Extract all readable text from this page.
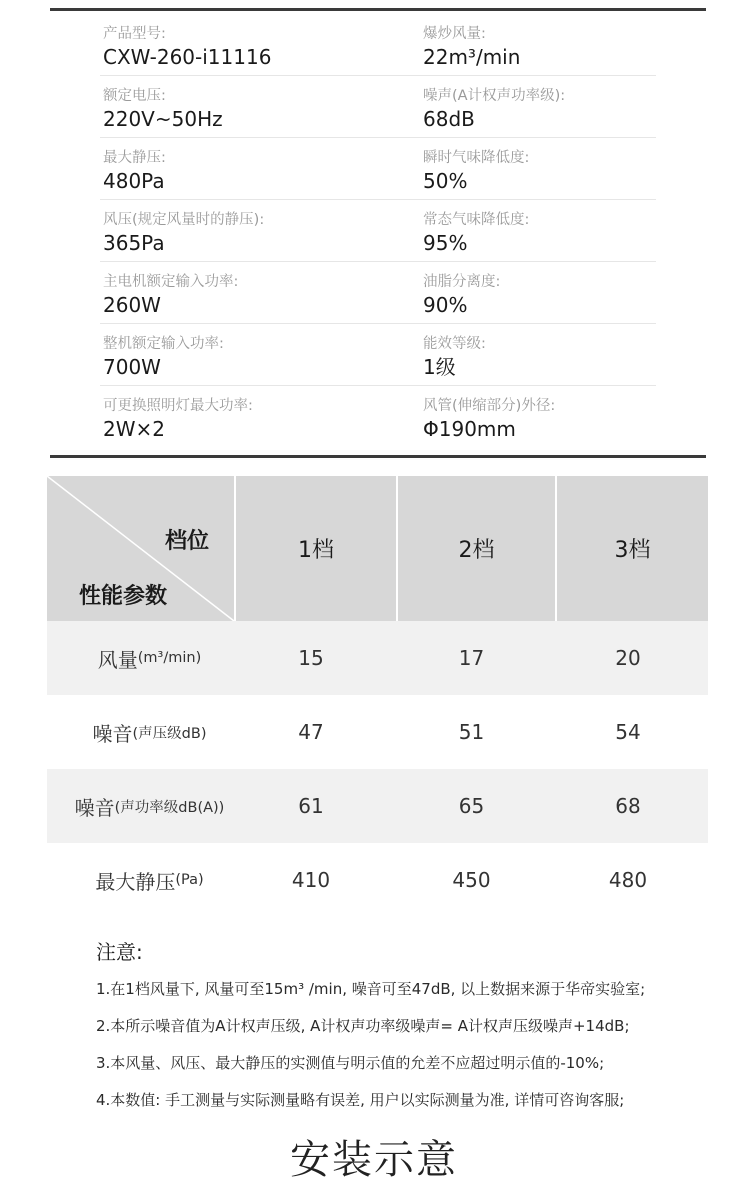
产品型号:
CXW-260-i11116
爆炒风量:
22m³/min
额定电压:
220V~50Hz
噪声(A计权声功率级):
68dB
最大静压:
480Pa
瞬时气味降低度:
50%
风压(规定风量时的静压):
365Pa
常态气味降低度:
95%
主电机额定输入功率:
260W
油脂分离度:
90%
整机额定输入功率:
700W
能效等级:
1级
可更换照明灯最大功率:
2W×2
风管(伸缩部分)外径:
Φ190mm
档位
性能参数
1档	2档	3档
风量 (m³/min)	15	17	20
噪音 (声压级dB)	47	51	54
噪音 (声功率级dB(A))	61	65	68
最大静压 (Pa)	410	450	480
注意:
1.在1档风量下, 风量可至15m³ /min, 噪音可至47dB, 以上数据来源于华帝实验室;
2.本所示噪音值为A计权声压级, A计权声功率级噪声= A计权声压级噪声+14dB;
3.本风量、风压、最大静压的实测值与明示值的允差不应超过明示值的-10%;
4.本数值: 手工测量与实际测量略有误差, 用户以实际测量为准, 详情可咨询客服;
安装示意
